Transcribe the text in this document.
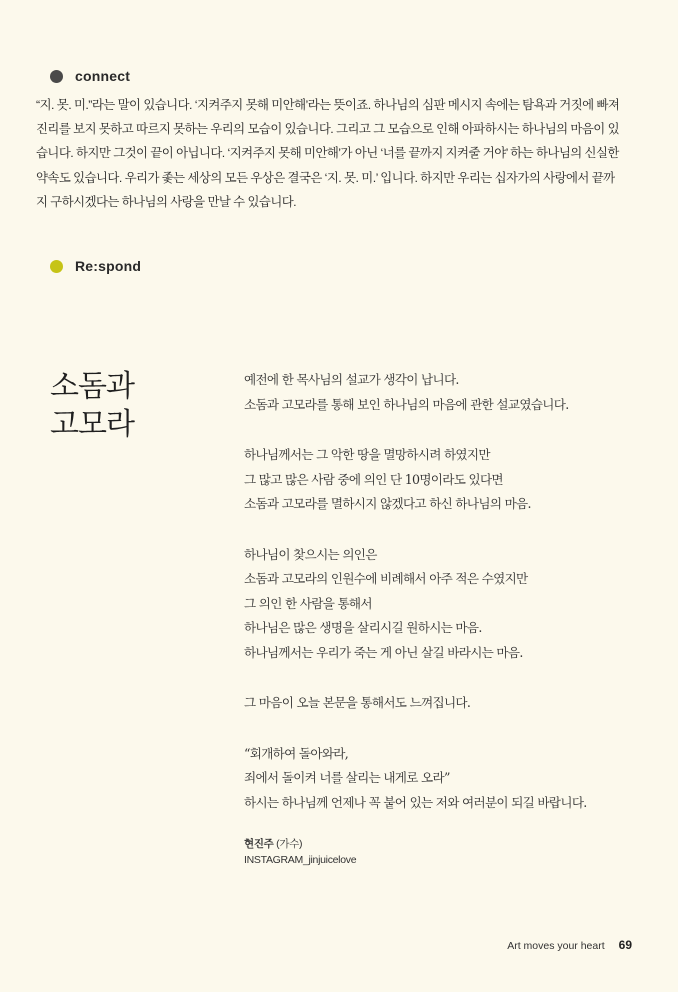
connect
“지. 못. 미.”라는 말이 있습니다. ‘지켜주지 못해 미안해’라는 뜻이죠. 하나님의 심판 메시지 속에는 탐욕과 거짓에 빠져
진리를 보지 못하고 따르지 못하는 우리의 모습이 있습니다. 그리고 그 모습으로 인해 아파하시는 하나님의 마음이 있
습니다. 하지만 그것이 끝이 아닙니다. ‘지켜주지 못해 미안해’가 아닌 ‘너를 끝까지 지켜줄 거야’ 하는 하나님의 신실한
약속도 있습니다. 우리가 좇는 세상의 모든 우상은 결국은 ‘지. 못. 미.’ 입니다. 하지만 우리는 십자가의 사랑에서 끝까
지 구하시겠다는 하나님의 사랑을 만날 수 있습니다.
Re:spond
소돔과
고모라
예전에 한 목사님의 설교가 생각이 납니다.
소돔과 고모라를 통해 보인 하나님의 마음에 관한 설교였습니다.
하나님께서는 그 악한 땅을 멸망하시려 하였지만
그 많고 많은 사람 중에 의인 단 10명이라도 있다면
소돔과 고모라를 멸하시지 않겠다고 하신 하나님의 마음.
하나님이 찾으시는 의인은
소돔과 고모라의 인원수에 비례해서 아주 적은 수였지만
그 의인 한 사람을 통해서
하나님은 많은 생명을 살리시길 원하시는 마음.
하나님께서는 우리가 죽는 게 아닌 살길 바라시는 마음.
그 마음이 오늘 본문을 통해서도 느껴집니다.
“회개하여 돌아와라,
죄에서 돌이켜 너를 살리는 내게로 오라”
하시는 하나님께 언제나 꼭 붙어 있는 저와 여러분이 되길 바랍니다.
현진주 (가수)
INSTAGRAM_jinjuicelove
Art moves your heart 69
